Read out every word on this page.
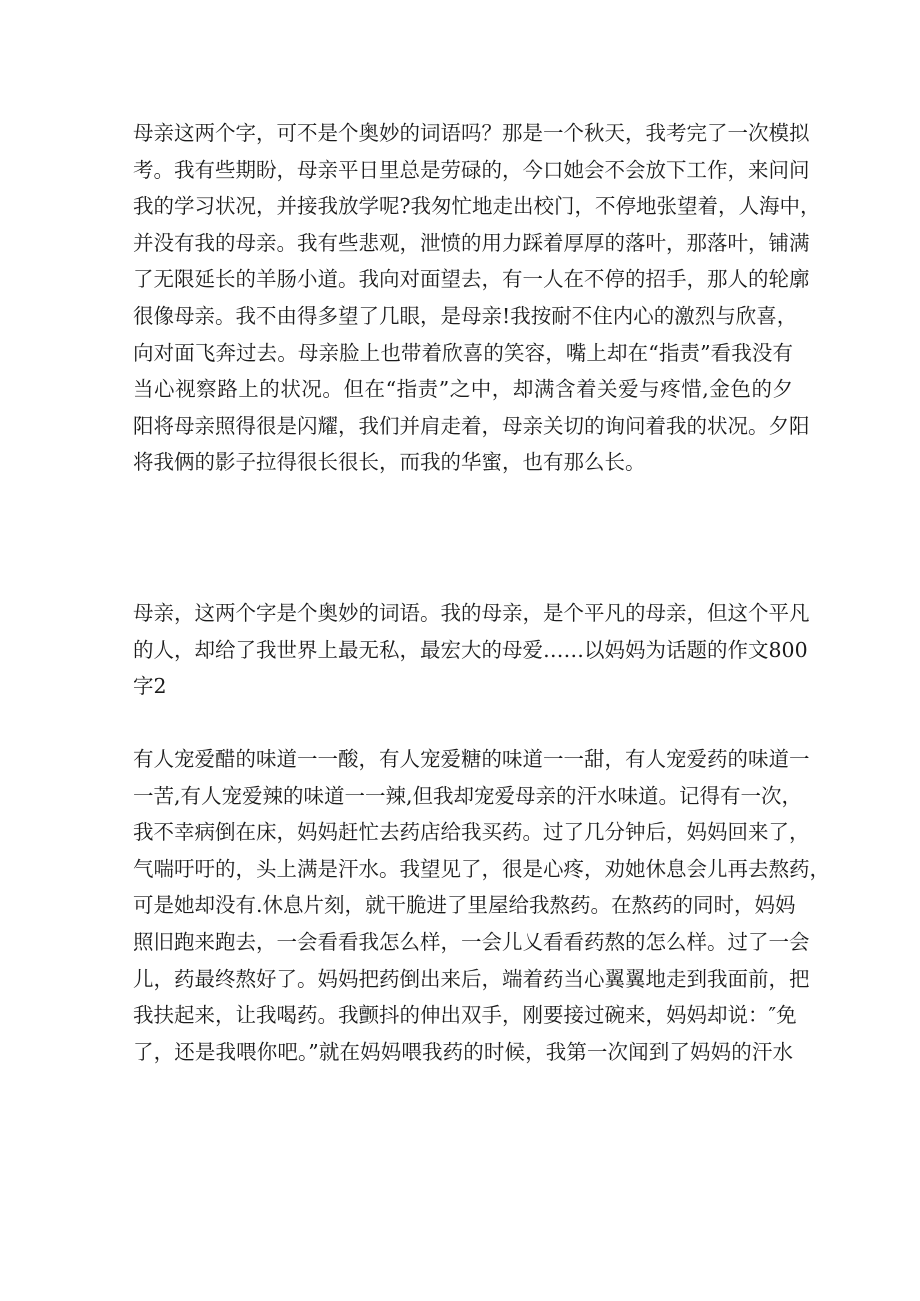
母亲这两个字，可不是个奥妙的词语吗？那是一个秋天，我考完了一次模拟
考。我有些期盼，母亲平日里总是劳碌的，今口她会不会放下工作，来问问
我的学习状况，并接我放学呢?我匆忙地走出校门，不停地张望着，人海中，
并没有我的母亲。我有些悲观，泄愤的用力踩着厚厚的落叶，那落叶，铺满
了无限延长的羊肠小道。我向对面望去，有一人在不停的招手，那人的轮廓
很像母亲。我不由得多望了几眼，是母亲!我按耐不住内心的激烈与欣喜，
向对面飞奔过去。母亲脸上也带着欣喜的笑容，嘴上却在“指责”看我没有
当心视察路上的状况。但在“指责”之中，却满含着关爱与疼惜,金色的夕
阳将母亲照得很是闪耀，我们并肩走着，母亲关切的询问着我的状况。夕阳
将我俩的影子拉得很长很长，而我的华蜜，也有那么长。
母亲，这两个字是个奥妙的词语。我的母亲，是个平凡的母亲，但这个平凡
的人，却给了我世界上最无私，最宏大的母爱……以妈妈为话题的作文800
字2
有人宠爱醋的味道一一酸，有人宠爱糖的味道一一甜，有人宠爱药的味道一
一苦,有人宠爱辣的味道一一辣,但我却宠爱母亲的汗水味道。记得有一次，
我不幸病倒在床，妈妈赶忙去药店给我买药。过了几分钟后，妈妈回来了，
气喘吁吁的，头上满是汗水。我望见了，很是心疼，劝她休息会儿再去熬药，
可是她却没有.休息片刻，就干脆进了里屋给我熬药。在熬药的同时，妈妈
照旧跑来跑去，一会看看我怎么样，一会儿乂看看药熬的怎么样。过了一会
儿，药最终熬好了。妈妈把药倒出来后，端着药当心翼翼地走到我面前，把
我扶起来，让我喝药。我颤抖的伸出双手，刚要接过碗来，妈妈却说：″免
了，还是我喂你吧。”就在妈妈喂我药的时候，我第一次闻到了妈妈的汗水
